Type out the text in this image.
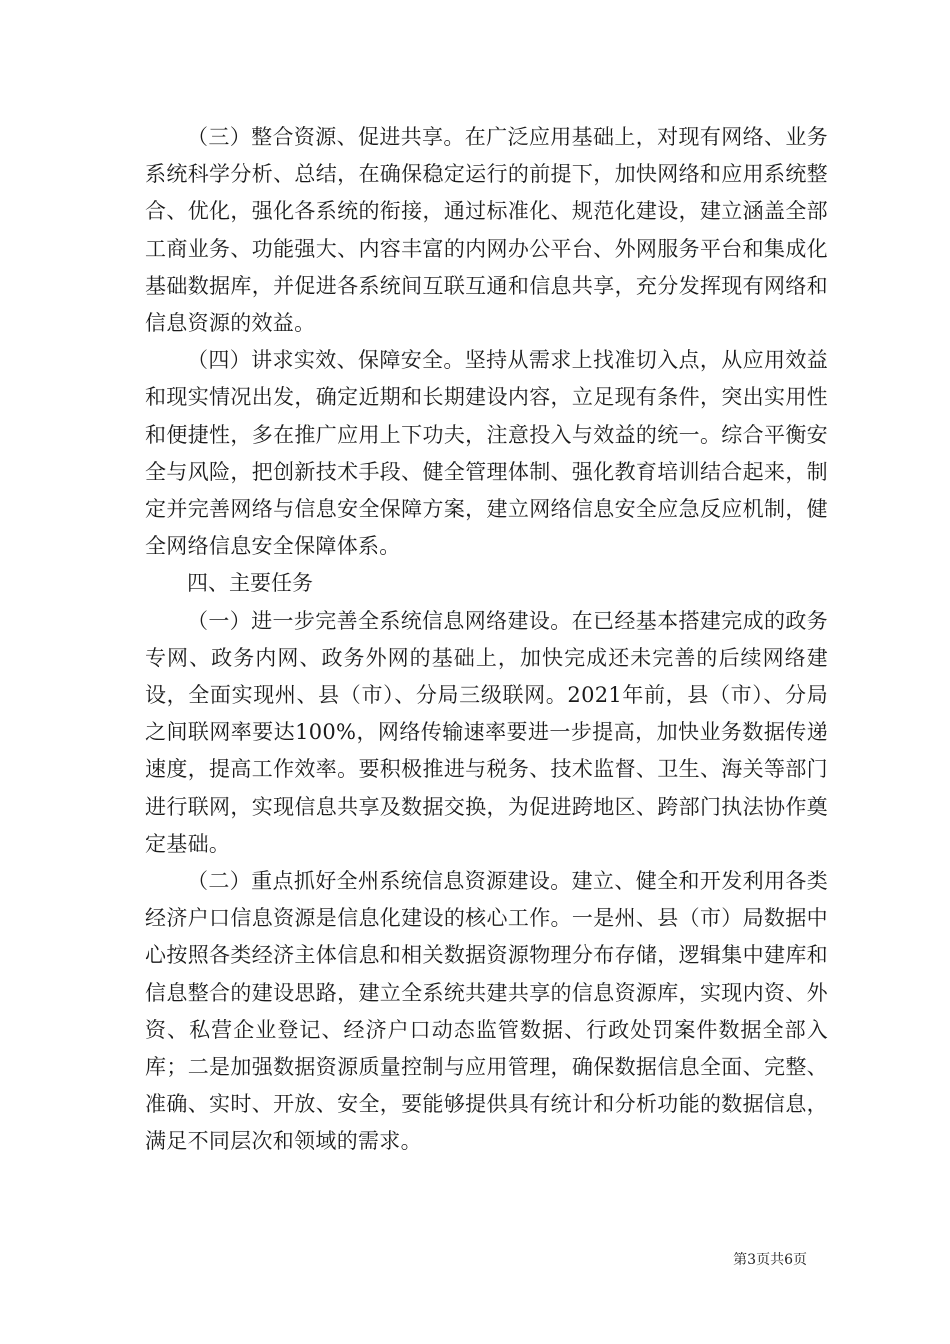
（三）整合资源、促进共享。在广泛应用基础上，对现有网络、业务系统科学分析、总结，在确保稳定运行的前提下，加快网络和应用系统整合、优化，强化各系统的衔接，通过标准化、规范化建设，建立涵盖全部工商业务、功能强大、内容丰富的内网办公平台、外网服务平台和集成化基础数据库，并促进各系统间互联互通和信息共享，充分发挥现有网络和信息资源的效益。

（四）讲求实效、保障安全。坚持从需求上找准切入点，从应用效益和现实情况出发，确定近期和长期建设内容，立足现有条件，突出实用性和便捷性，多在推广应用上下功夫，注意投入与效益的统一。综合平衡安全与风险，把创新技术手段、健全管理体制、强化教育培训结合起来，制定并完善网络与信息安全保障方案，建立网络信息安全应急反应机制，健全网络信息安全保障体系。

四、主要任务

（一）进一步完善全系统信息网络建设。在已经基本搭建完成的政务专网、政务内网、政务外网的基础上，加快完成还未完善的后续网络建设，全面实现州、县（市）、分局三级联网。2021年前，县（市）、分局之间联网率要达100%，网络传输速率要进一步提高，加快业务数据传递速度，提高工作效率。要积极推进与税务、技术监督、卫生、海关等部门进行联网，实现信息共享及数据交换，为促进跨地区、跨部门执法协作奠定基础。

（二）重点抓好全州系统信息资源建设。建立、健全和开发利用各类经济户口信息资源是信息化建设的核心工作。一是州、县（市）局数据中心按照各类经济主体信息和相关数据资源物理分布存储，逻辑集中建库和信息整合的建设思路，建立全系统共建共享的信息资源库，实现内资、外资、私营企业登记、经济户口动态监管数据、行政处罚案件数据全部入库；二是加强数据资源质量控制与应用管理，确保数据信息全面、完整、准确、实时、开放、安全，要能够提供具有统计和分析功能的数据信息，满足不同层次和领域的需求。

第3页共6页
